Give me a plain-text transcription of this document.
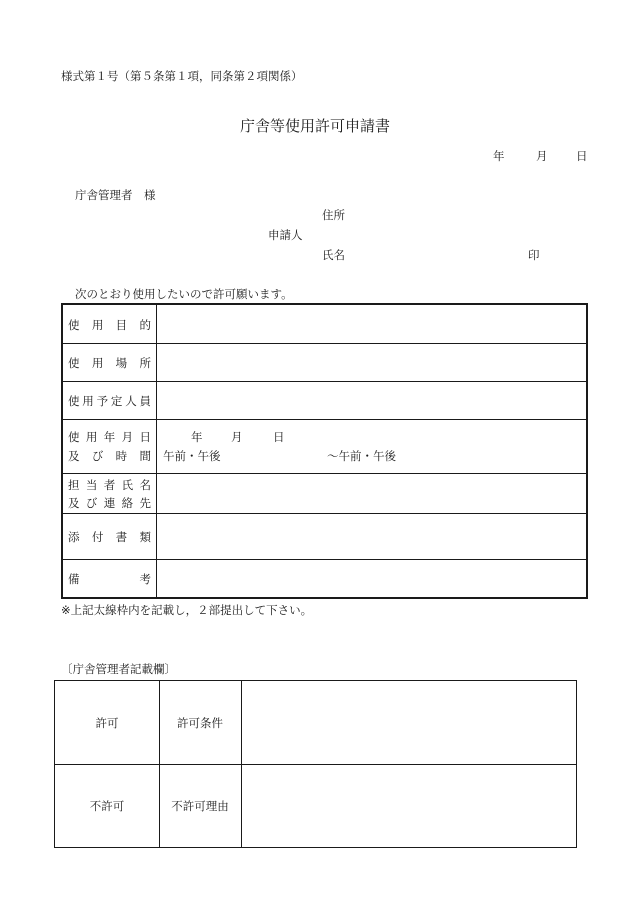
様式第１号（第５条第１項，同条第２項関係）
庁舎等使用許可申請書
年	月 日
庁舎管理者　様
住所
申請人
氏名	印
次のとおり使用したいので許可願います。
使 用 目 的
使 用 場 所
使 用 予 定 人 員
使 用 年 月 日
及 び 時 間
年 月	日
午前・午後	～午前・午後
担 当 者 氏 名
及 び 連 絡 先
添 付 書 類
備	考
※上記太線枠内を記載し，２部提出して下さい。
〔庁舎管理者記載欄〕
許可	許可条件
不許可	不許可理由
